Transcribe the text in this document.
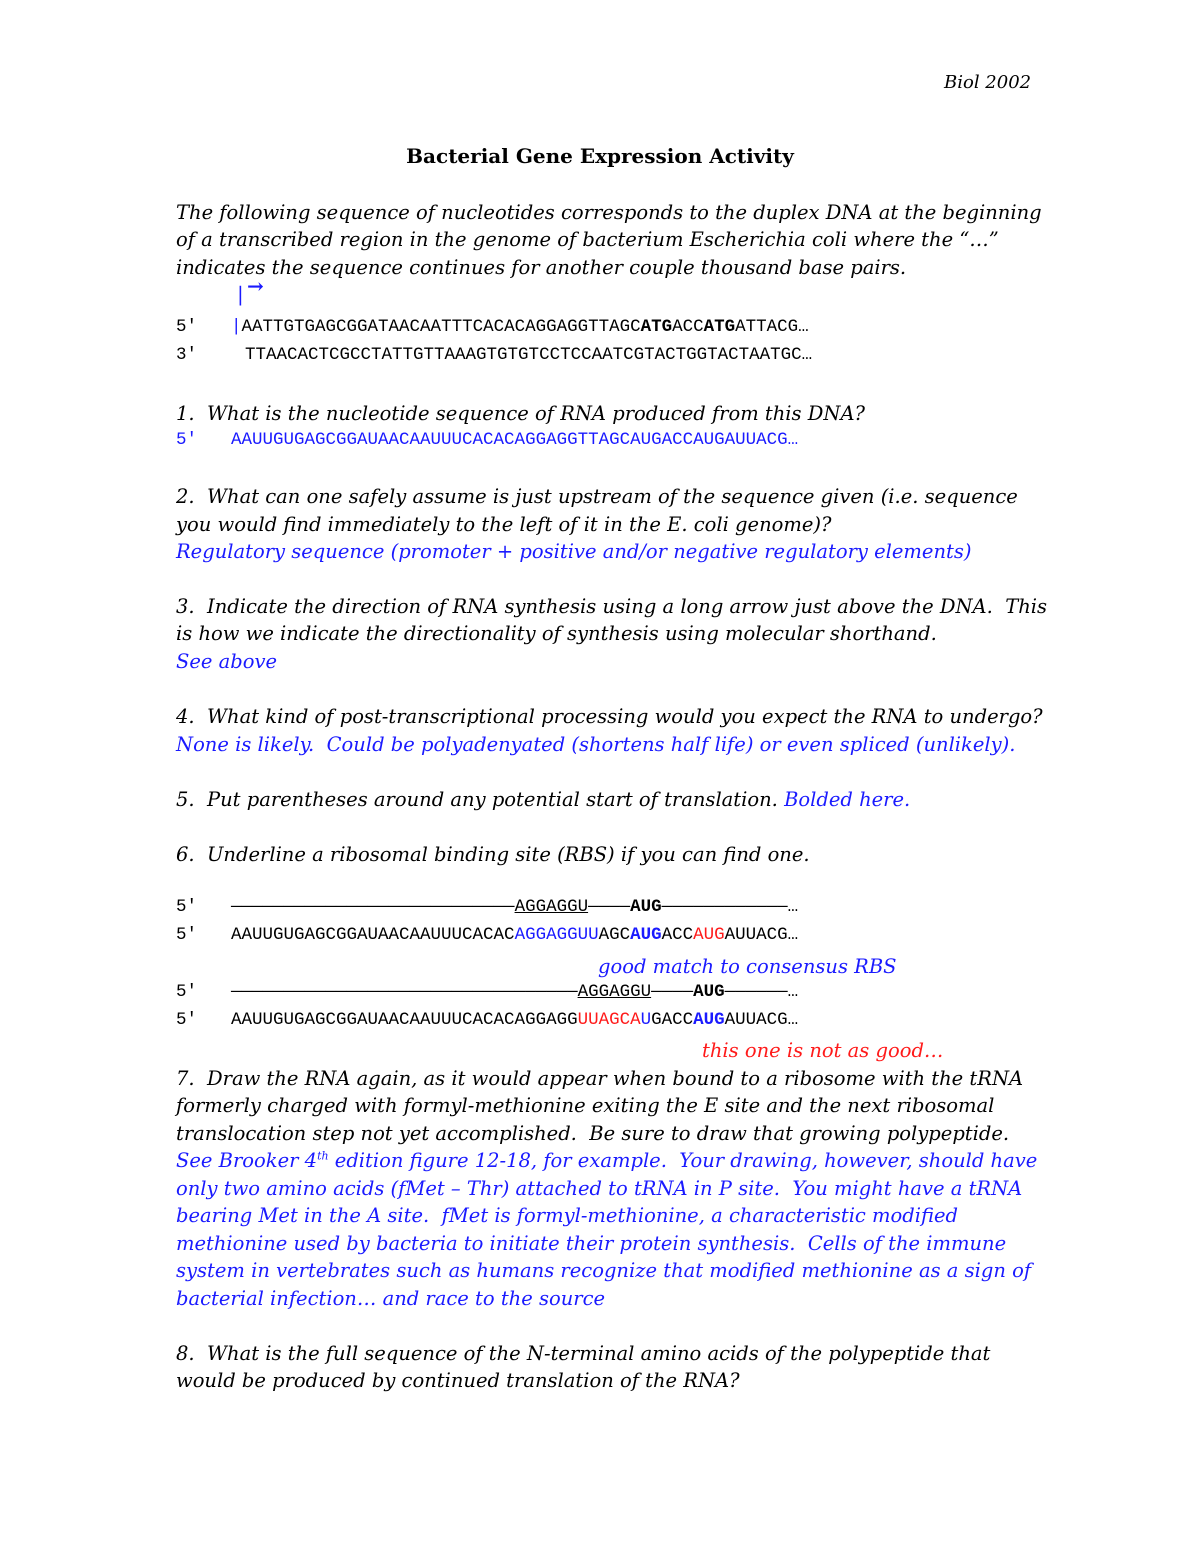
Biol 2002
Bacterial Gene Expression Activity
The following sequence of nucleotides corresponds to the duplex DNA at the beginning
of a transcribed region in the genome of bacterium Escherichia coli where the “…”
indicates the sequence continues for another couple thousand base pairs.
| →
5′ |AATTGTGAGCGGATAACAATTTCACACAGGAGGTTAGCATGACCATGATTACG…
3′	TTAACACTCGCCTATTGTTAAAGTGTGTCCTCCAATCGTACTGGTACTAATGC…
1.  What is the nucleotide sequence of RNA produced from this DNA?
5′ AAUUGUGAGCGGAUAACAAUUUCACACAGGAGGTTAGCAUGACCAUGAUUACG…
2.  What can one safely assume is just upstream of the sequence given (i.e. sequence
you would find immediately to the left of it in the E. coli genome)?
Regulatory sequence (promoter + positive and/or negative regulatory elements)
3.  Indicate the direction of RNA synthesis using a long arrow just above the DNA.  This
is how we indicate the directionality of synthesis using molecular shorthand.
See above
4.  What kind of post-transcriptional processing would you expect the RNA to undergo?
None is likely.  Could be polyadenyated (shortens half life) or even spliced (unlikely).
5.  Put parentheses around any potential start of translation. Bolded here.
6.  Underline a ribosomal binding site (RBS) if you can find one.
5′ ———————————————————————————AGGAGGU————AUG————————————…
5′ AAUUGUGAGCGGAUAACAAUUUCACACAGGAGGUUAGCAUGACCAUGAUUACG…
good match to consensus RBS
5′ —————————————————————————————————AGGAGGU————AUG——————…
5′ AAUUGUGAGCGGAUAACAAUUUCACACAGGAGGUUAGCAUGACCAUGAUUACG…
this one is not as good…
7.  Draw the RNA again, as it would appear when bound to a ribosome with the tRNA
formerly charged with formyl-methionine exiting the E site and the next ribosomal
translocation step not yet accomplished.  Be sure to draw that growing polypeptide.
See Brooker 4th edition figure 12-18, for example.  Your drawing, however, should have
only two amino acids (fMet – Thr) attached to tRNA in P site.  You might have a tRNA
bearing Met in the A site.  fMet is formyl-methionine, a characteristic modified
methionine used by bacteria to initiate their protein synthesis.  Cells of the immune
system in vertebrates such as humans recognize that modified methionine as a sign of
bacterial infection… and race to the source
8.  What is the full sequence of the N-terminal amino acids of the polypeptide that
would be produced by continued translation of the RNA?
